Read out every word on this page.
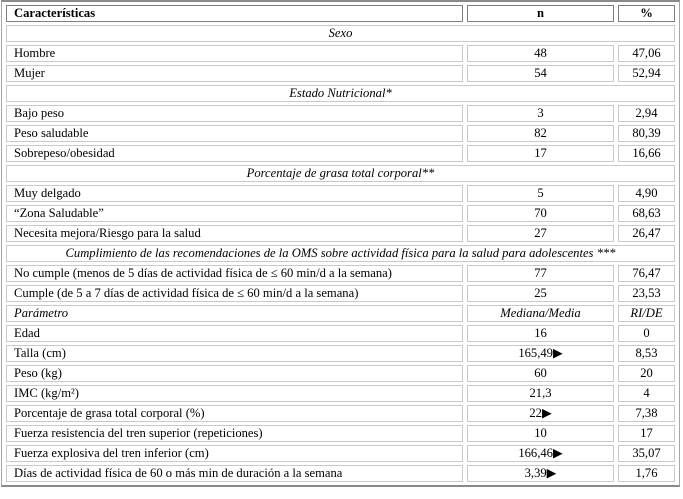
Características	n	%
Sexo		
Hombre	48	47,06
Mujer	54	52,94
Estado Nutricional*		
Bajo peso	3	2,94
Peso saludable	82	80,39
Sobrepeso/obesidad	17	16,66
Porcentaje de grasa total corporal**		
Muy delgado	5	4,90
“Zona Saludable”	70	68,63
Necesita mejora/Riesgo para la salud	27	26,47
Cumplimiento de las recomendaciones de la OMS sobre actividad física para la salud para adolescentes ***		
No cumple (menos de 5 días de actividad física de ≤ 60 min/d a la semana)	77	76,47
Cumple (de 5 a 7 días de actividad física de ≤ 60 min/d a la semana)	25	23,53
Parámetro	Mediana/Media	RI/DE
Edad	16	0
Talla (cm)	165,49▶	8,53
Peso (kg)	60	20
IMC (kg/m²)	21,3	4
Porcentaje de grasa total corporal (%)	22▶	7,38
Fuerza resistencia del tren superior (repeticiones)	10	17
Fuerza explosiva del tren inferior (cm)	166,46▶	35,07
Días de actividad física de 60 o más min de duración a la semana	3,39▶	1,76
